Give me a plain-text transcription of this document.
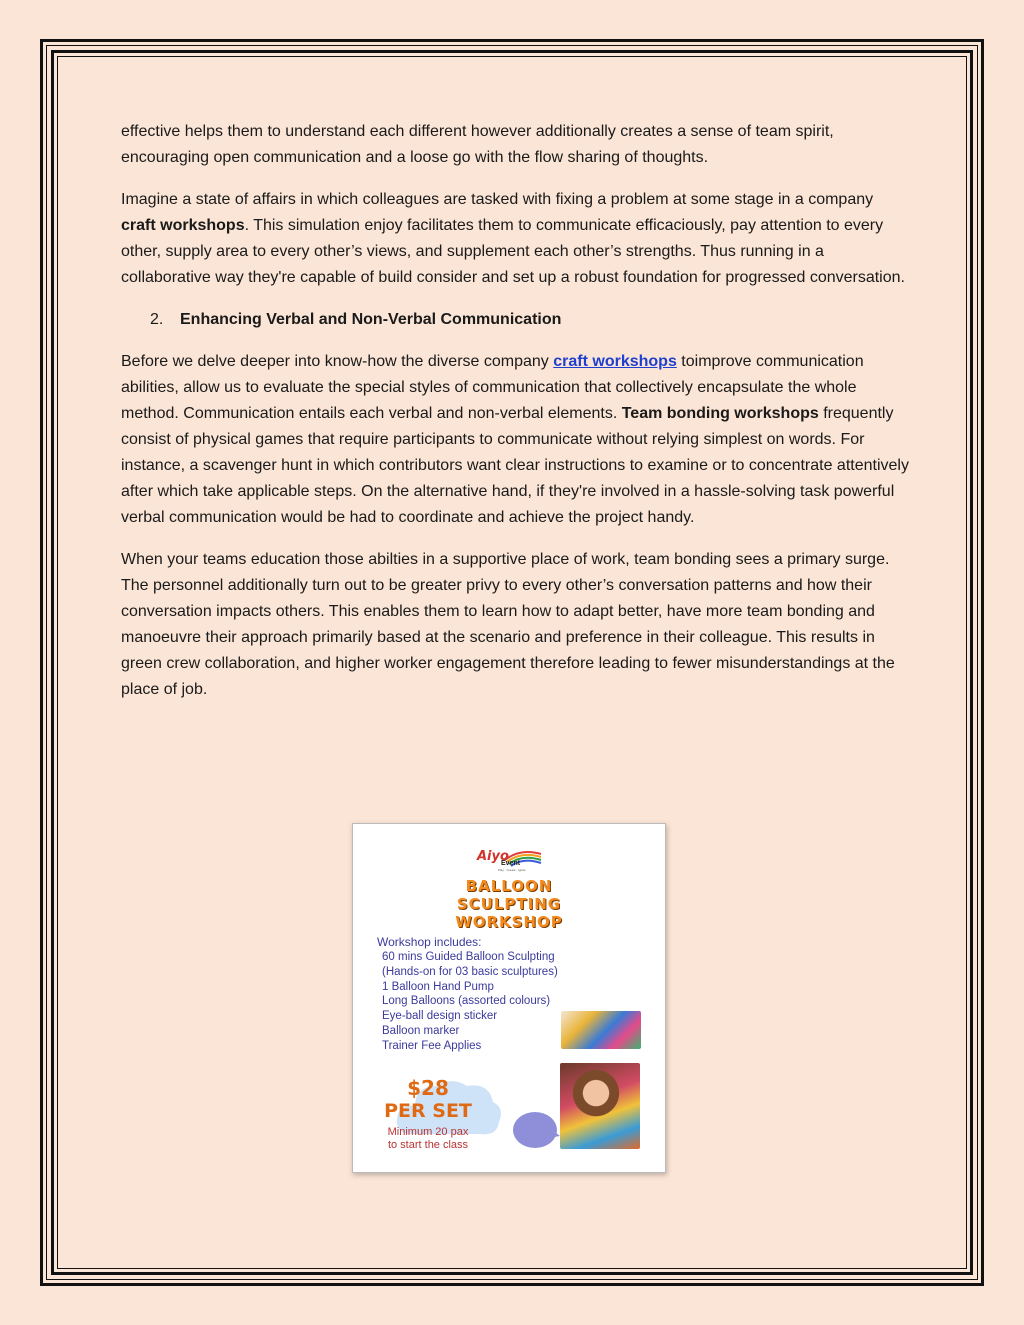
effective helps them to understand each different however additionally creates a sense of team spirit, encouraging open communication and a loose go with the flow sharing of thoughts.

Imagine a state of affairs in which colleagues are tasked with fixing a problem at some stage in a company craft workshops. This simulation enjoy facilitates them to communicate efficaciously, pay attention to every other, supply area to every other’s views, and supplement each other’s strengths. Thus running in a collaborative way they're capable of build consider and set up a robust foundation for progressed conversation.

2. Enhancing Verbal and Non-Verbal Communication

Before we delve deeper into know-how the diverse company craft workshops toimprove communication abilities, allow us to evaluate the special styles of communication that collectively encapsulate the whole method. Communication entails each verbal and non-verbal elements. Team bonding workshops frequently consist of physical games that require participants to communicate without relying simplest on words. For instance, a scavenger hunt in which contributors want clear instructions to examine or to concentrate attentively after which take applicable steps. On the alternative hand, if they're involved in a hassle-solving task powerful verbal communication would be had to coordinate and achieve the project handy.

When your teams education those abilties in a supportive place of work, team bonding sees a primary surge. The personnel additionally turn out to be greater privy to every other’s conversation patterns and how their conversation impacts others. This enables them to learn how to adapt better, have more team bonding and manoeuvre their approach primarily based at the scenario and preference in their colleague. This results in green crew collaboration, and higher worker engagement therefore leading to fewer misunderstandings at the place of job.

Aiyo
Event
Play · Create · Ignite
BALLOON
SCULPTING
WORKSHOP
Workshop includes:
60 mins Guided Balloon Sculpting
(Hands-on for 03 basic sculptures)
1 Balloon Hand Pump
Long Balloons (assorted colours)
Eye-ball design sticker
Balloon marker
Trainer Fee Applies
$28
PER SET
Minimum 20 pax
to start the class
